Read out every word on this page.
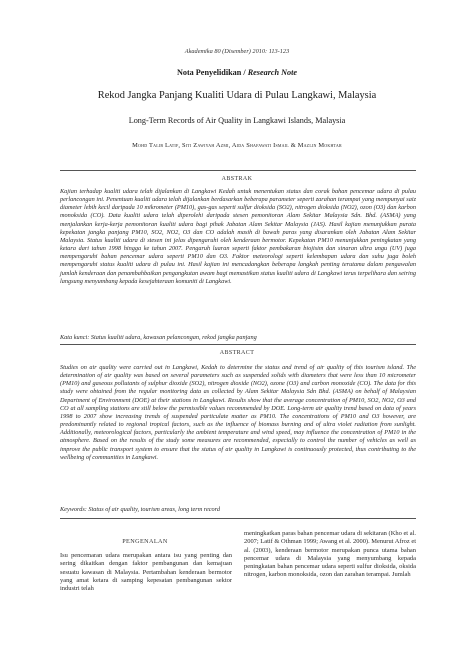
Akademika 80 (Disember) 2010: 113-123
Nota Penyelidikan / Research Note
Rekod Jangka Panjang Kualiti Udara di Pulau Langkawi, Malaysia
Long-Term Records of Air Quality in Langkawi Islands, Malaysia
Mohd Talib Latif, Siti Zawiyah Azmi, Aida Shafawati Ismail & Mazlin Mokhtar
ABSTRAK
Kajian terhadap kualiti udara telah dijalankan di Langkawi Kedah untuk menentukan status dan corak bahan pencemar udara di pulau perlancongan ini. Penentuan kualiti udara telah dijalankan berdasarkan beberapa parameter seperti zarahan terampai yang mempunyai saiz diameter lebih kecil daripada 10 mikrometer (PM10), gas-gas seperti sulfur dioksida (SO2), nitrogen dioksida (NO2), ozon (O3) dan karbon monoksida (CO). Data kualiti udara telah diperolehi daripada stesen pemonitoran Alam Sekitar Malaysia Sdn. Bhd. (ASMA) yang menjalankan kerja-kerja pemonitoran kualiti udara bagi pihak Jabatan Alam Sekitar Malaysia (JAS). Hasil kajian menunjukkan purata kepekatan jangka panjang PM10, SO2, NO2, O3 dan CO adalah masih di bawah paras yang disarankan oleh Jabatan Alam Sekitar Malaysia. Status kualiti udara di stesen ini jelas dipengaruhi oleh kenderaan bermotor. Kepekatan PM10 menunjukkan peningkatan yang ketara dari tahun 1998 hingga ke tahun 2007. Pengaruh luaran seperti faktor pembakaran biojisim dan sinaran ultra ungu (UV) juga mempengaruhi bahan pencemar udara seperti PM10 dan O3. Faktor meteorologi seperti kelembapan udara dan suhu juga boleh mempengaruhi status kualiti udara di pulau ini. Hasil kajian ini mencadangkan beberapa langkah penting terutama dalam pengawalan jumlah kenderaan dan penambahbaikan pengangkutan awam bagi memastikan status kualiti udara di Langkawi terus terpelihara dan seiring langsung menyumbang kepada kesejahteraan komuniti di Langkawi.
Kata kunci: Status kualiti udara, kawasan pelancongan, rekod jangka panjang
ABSTRACT
Studies on air quality were carried out in Langkawi, Kedah to determine the status and trend of air quality of this tourism island. The determination of air quality was based on several parameters such as suspended solids with diameters that were less than 10 micrometer (PM10) and gaseous pollutants of sulphur dioxide (SO2), nitrogen dioxide (NO2), ozone (O3) and carbon monoxide (CO). The data for this study were obtained from the regular monitoring data as collected by Alam Sekitar Malaysia Sdn Bhd. (ASMA) on behalf of Malaysian Department of Environment (DOE) at their stations in Langkawi. Results show that the average concentration of PM10, SO2, NO2, O3 and CO at all sampling stations are still below the permissible values recommended by DOE. Long-term air quality trend based on data of years 1998 to 2007 show increasing trends of suspended particulate matter as PM10. The concentrations of PM10 and O3 however, are predominantly related to regional tropical factors, such as the influence of biomass burning and of ultra violet radiation from sunlight. Additionally, meteorological factors, particularly the ambient temperature and wind speed, may influence the concentration of PM10 in the atmosphere. Based on the results of the study some measures are recommended, especially to control the number of vehicles as well as improve the public transport system to ensure that the status of air quality in Langkawi is continuously protected, thus contributing to the wellbeing of communities in Langkawi.
Keywords: Status of air quality, tourism areas, long term record
PENGENALAN
Isu pencemaran udara merupakan antara isu yang penting dan sering dikaitkan dengan faktor pembangunan dan kemajuan sesuatu kawasan di Malaysia. Pertambahan kenderaan bermotor yang amat ketara di samping kepesatan pembangunan sektor industri telah
meningkatkan paras bahan pencemar udara di sekitaran (Kho et al. 2007; Latif & Othman 1999; Awang et al. 2000). Menurut Afroz et al. (2003), kenderaan bermotor merupakan punca utama bahan pencemar udara di Malaysia yang menyumbang kepada peningkatan bahan pencemar udara seperti sulfur dioksida, oksida nitrogen, karbon monoksida, ozon dan zarahan terampai. Jumlah
